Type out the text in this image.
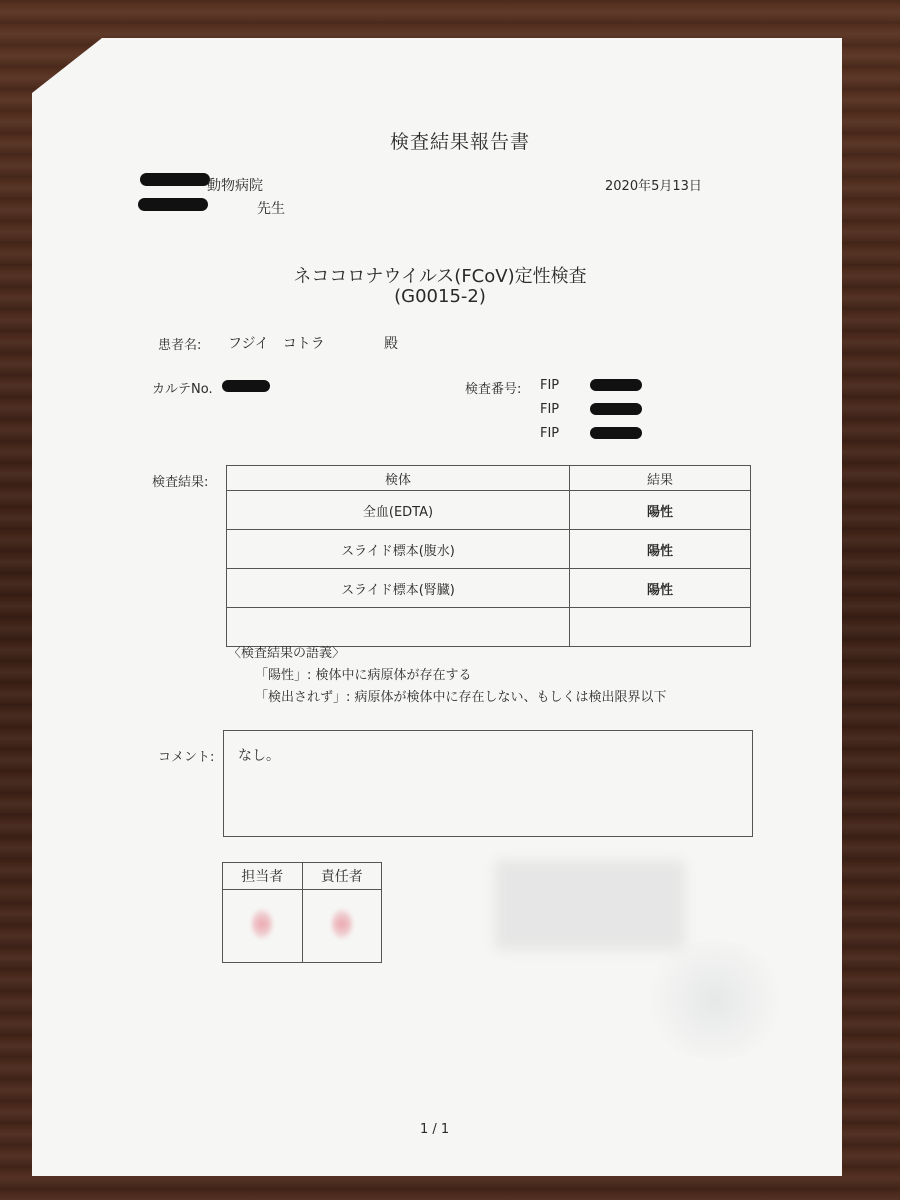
検査結果報告書
動物病院
先生
2020年5月13日
ネココロナウイルス(FCoV)定性検査
(G0015-2)
患者名: フジイ　コトラ	殿
カルテNo.	検査番号: FIP
FIP
FIP
検査結果:	検体	結果
全血(EDTA)	陽性
スライド標本(腹水)	陽性
スライド標本(腎臓)	陽性

〈検査結果の語義〉
「陽性」: 検体中に病原体が存在する
「検出されず」: 病原体が検体中に存在しない、もしくは検出限界以下
コメント: なし。
担当者	責任者

1 / 1
